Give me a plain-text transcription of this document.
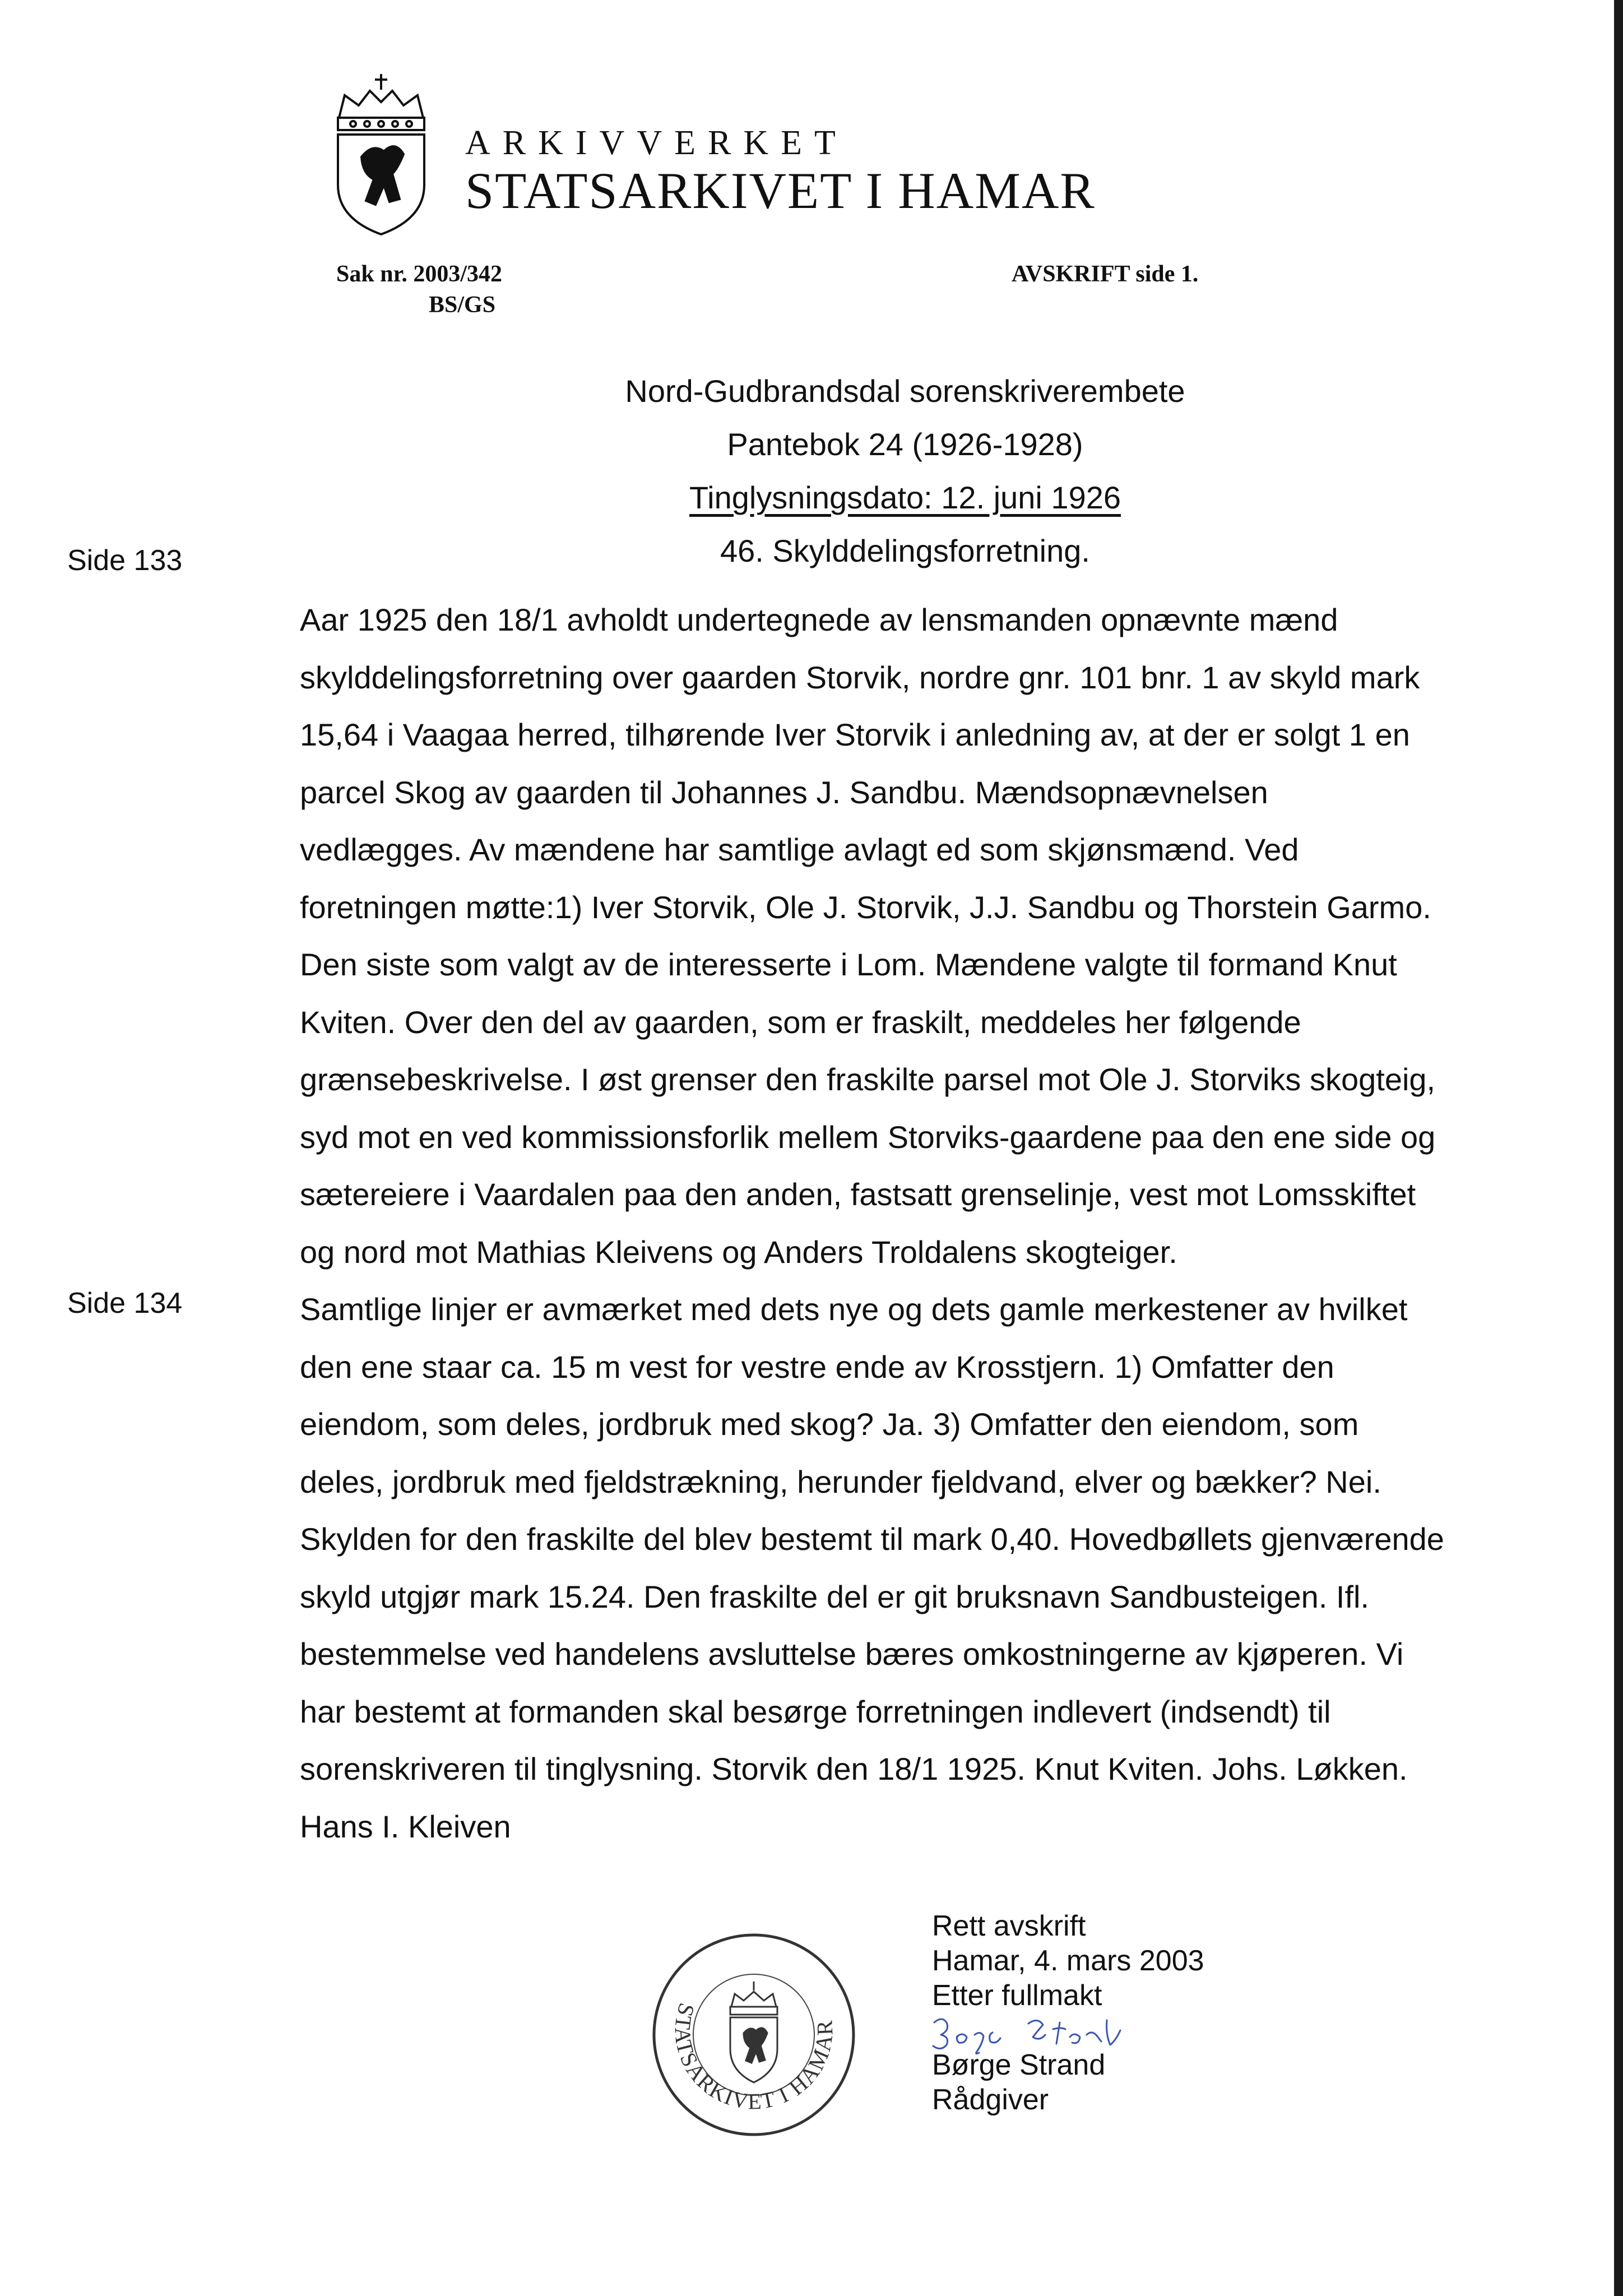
ARKIVVERKET
STATSARKIVET I HAMAR
Sak nr. 2003/342
BS/GS
AVSKRIFT side 1.
Nord-Gudbrandsdal sorenskriverembete
Pantebok 24 (1926-1928)
Tinglysningsdato: 12. juni 1926
46. Skylddelingsforretning.
Side 133
Side 134

Aar 1925 den 18/1 avholdt undertegnede av lensmanden opnævnte mænd

skylddelingsforretning over gaarden Storvik, nordre gnr. 101 bnr. 1 av skyld mark

15,64 i Vaagaa herred, tilhørende Iver Storvik i anledning av, at der er solgt 1 en

parcel Skog av gaarden til Johannes J. Sandbu. Mændsopnævnelsen

vedlægges. Av mændene har samtlige avlagt ed som skjønsmænd. Ved

foretningen møtte:1) Iver Storvik, Ole J. Storvik, J.J. Sandbu og Thorstein Garmo.

Den siste som valgt av de interesserte i Lom. Mændene valgte til formand Knut

Kviten. Over den del av gaarden, som er fraskilt, meddeles her følgende

grænsebeskrivelse. I øst grenser den fraskilte parsel mot Ole J. Storviks skogteig,

syd mot en ved kommissionsforlik mellem Storviks-gaardene paa den ene side og

sætereiere i Vaardalen paa den anden, fastsatt grenselinje, vest mot Lomsskiftet

og nord mot Mathias Kleivens og Anders Troldalens skogteiger.

Samtlige linjer er avmærket med dets nye og dets gamle merkestener av hvilket

den ene staar ca. 15 m vest for vestre ende av Krosstjern. 1) Omfatter den

eiendom, som deles, jordbruk med skog? Ja. 3) Omfatter den eiendom, som

deles, jordbruk med fjeldstrækning, herunder fjeldvand, elver og bækker? Nei.

Skylden for den fraskilte del blev bestemt til mark 0,40. Hovedbøllets gjenværende

skyld utgjør mark 15.24. Den fraskilte del er git bruksnavn Sandbusteigen. Ifl.

bestemmelse ved handelens avsluttelse bæres omkostningerne av kjøperen. Vi

har bestemt at formanden skal besørge forretningen indlevert (indsendt) til

sorenskriveren til tinglysning. Storvik den 18/1 1925. Knut Kviten. Johs. Løkken.

Hans I. Kleiven

STATSARKIVET I HAMAR
Rett avskrift
Hamar, 4. mars 2003
Etter fullmakt
Børge Strand
Rådgiver
